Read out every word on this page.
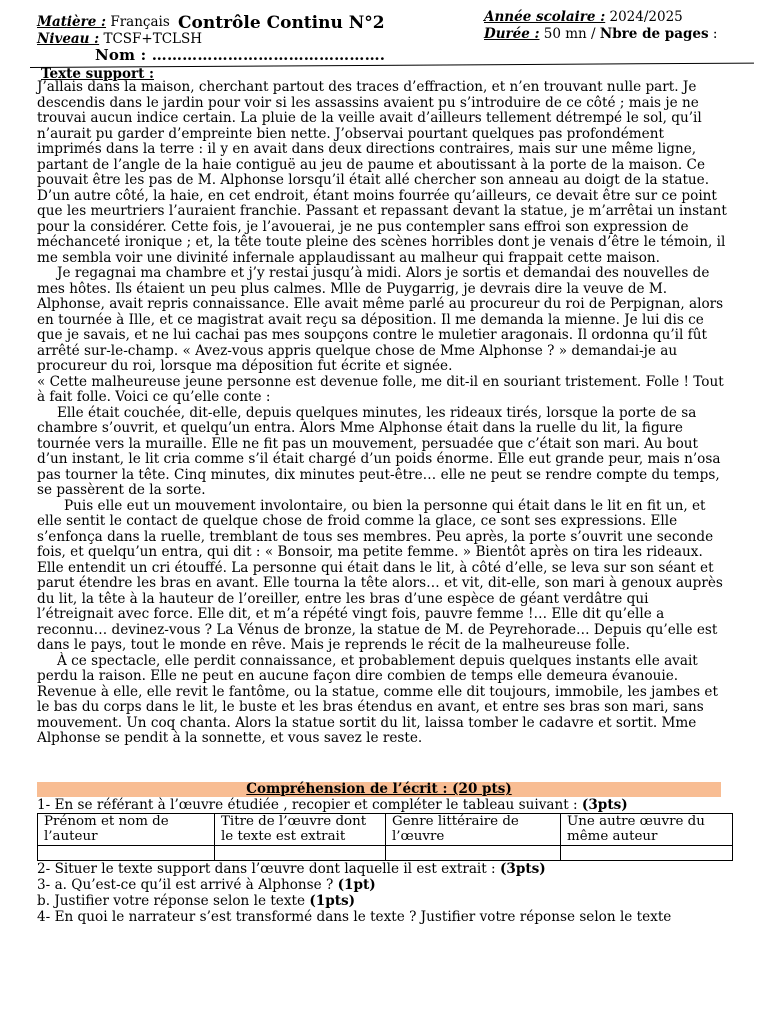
Matière : Français
Niveau : TCSF+TCLSH
Contrôle Continu N°2	Année scolaire : 2024/2025
Durée : 50 mn / Nbre de pages :
Nom : ……………………………………….
Texte support :

J’allais dans la maison, cherchant partout des traces d’effraction, et n’en trouvant nulle part. Je descendis dans le jardin pour voir si les assassins avaient pu s’introduire de ce côté ; mais je ne trouvai aucun indice certain. La pluie de la veille avait d’ailleurs tellement détrempé le sol, qu’il n’aurait pu garder d’empreinte bien nette. J’observai pourtant quelques pas profondément imprimés dans la terre : il y en avait dans deux directions contraires, mais sur une même ligne, partant de l’angle de la haie contiguë au jeu de paume et aboutissant à la porte de la maison. Ce pouvait être les pas de M. Alphonse lorsqu’il était allé chercher son anneau au doigt de la statue. D’un autre côté, la haie, en cet endroit, étant moins fourrée qu’ailleurs, ce devait être sur ce point que les meurtriers l’auraient franchie. Passant et repassant devant la statue, je m’arrêtai un instant pour la considérer. Cette fois, je l’avouerai, je ne pus contempler sans effroi son expression de méchanceté ironique ; et, la tête toute pleine des scènes horribles dont je venais d’être le témoin, il me sembla voir une divinité infernale applaudissant au malheur qui frappait cette maison.

Je regagnai ma chambre et j’y restai jusqu’à midi. Alors je sortis et demandai des nouvelles de mes hôtes. Ils étaient un peu plus calmes. Mlle de Puygarrig, je devrais dire la veuve de M. Alphonse, avait repris connaissance. Elle avait même parlé au procureur du roi de Perpignan, alors en tournée à Ille, et ce magistrat avait reçu sa déposition. Il me demanda la mienne. Je lui dis ce que je savais, et ne lui cachai pas mes soupçons contre le muletier aragonais. Il ordonna qu’il fût arrêté sur-le-champ. « Avez-vous appris quelque chose de Mme Alphonse ? » demandai-je au procureur du roi, lorsque ma déposition fut écrite et signée.

« Cette malheureuse jeune personne est devenue folle, me dit-il en souriant tristement. Folle ! Tout à fait folle. Voici ce qu’elle conte :

Elle était couchée, dit-elle, depuis quelques minutes, les rideaux tirés, lorsque la porte de sa chambre s’ouvrit, et quelqu’un entra. Alors Mme Alphonse était dans la ruelle du lit, la figure tournée vers la muraille. Elle ne fit pas un mouvement, persuadée que c’était son mari. Au bout d’un instant, le lit cria comme s’il était chargé d’un poids énorme. Elle eut grande peur, mais n’osa pas tourner la tête. Cinq minutes, dix minutes peut-être… elle ne peut se rendre compte du temps, se passèrent de la sorte.

Puis elle eut un mouvement involontaire, ou bien la personne qui était dans le lit en fit un, et elle sentit le contact de quelque chose de froid comme la glace, ce sont ses expressions. Elle s’enfonça dans la ruelle, tremblant de tous ses membres. Peu après, la porte s’ouvrit une seconde fois, et quelqu’un entra, qui dit : « Bonsoir, ma petite femme. » Bientôt après on tira les rideaux. Elle entendit un cri étouffé. La personne qui était dans le lit, à côté d’elle, se leva sur son séant et parut étendre les bras en avant. Elle tourna la tête alors… et vit, dit-elle, son mari à genoux auprès du lit, la tête à la hauteur de l’oreiller, entre les bras d’une espèce de géant verdâtre qui l’étreignait avec force. Elle dit, et m’a répété vingt fois, pauvre femme !… Elle dit qu’elle a reconnu… devinez-vous ? La Vénus de bronze, la statue de M. de Peyrehorade… Depuis qu’elle est dans le pays, tout le monde en rêve. Mais je reprends le récit de la malheureuse folle.

À ce spectacle, elle perdit connaissance, et probablement depuis quelques instants elle avait perdu la raison. Elle ne peut en aucune façon dire combien de temps elle demeura évanouie. Revenue à elle, elle revit le fantôme, ou la statue, comme elle dit toujours, immobile, les jambes et le bas du corps dans le lit, le buste et les bras étendus en avant, et entre ses bras son mari, sans mouvement. Un coq chanta. Alors la statue sortit du lit, laissa tomber le cadavre et sortit. Mme Alphonse se pendit à la sonnette, et vous savez le reste.

Compréhension de l’écrit : (20 pts)
1- En se référant à l’œuvre étudiée , recopier et compléter le tableau suivant : (3pts)
Prénom et nom de l’auteur	Titre de l’œuvre dont le texte est extrait	Genre littéraire de l’œuvre	Une autre œuvre du même auteur

2- Situer le texte support dans l’œuvre dont laquelle il est extrait : (3pts)
3- a. Qu’est-ce qu’il est arrivé à Alphonse ? (1pt)
b. Justifier votre réponse selon le texte (1pts)
4- En quoi le narrateur s’est transformé dans le texte ? Justifier votre réponse selon le texte
